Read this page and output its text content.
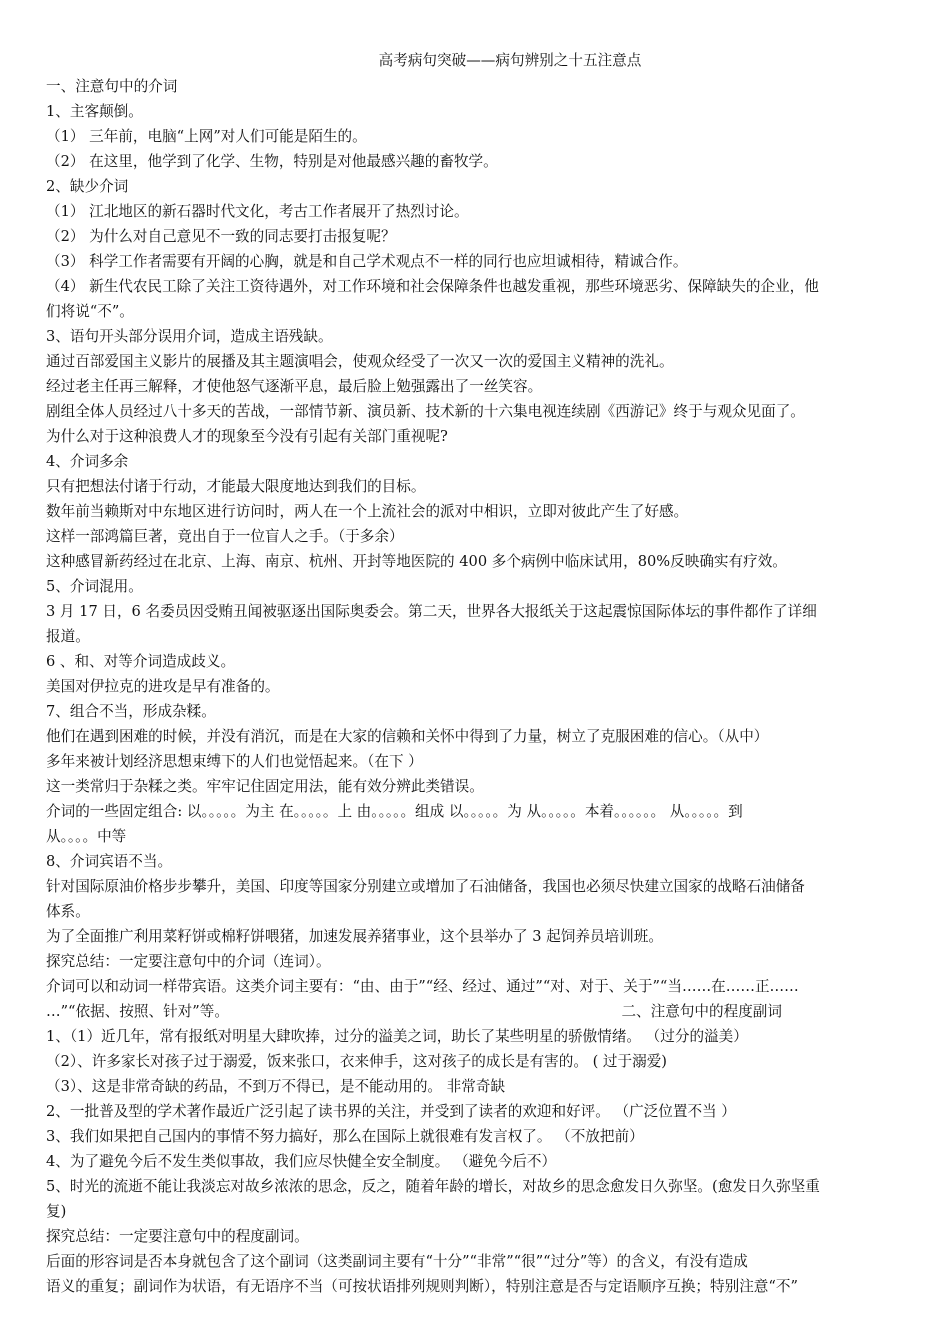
高考病句突破——病句辨别之十五注意点
一、注意句中的介词
1、主客颠倒。
（1） 三年前，电脑“上网”对人们可能是陌生的。
（2） 在这里，他学到了化学、生物，特别是对他最感兴趣的畜牧学。
2、缺少介词
（1） 江北地区的新石器时代文化，考古工作者展开了热烈讨论。
（2） 为什么对自己意见不一致的同志要打击报复呢？
（3） 科学工作者需要有开阔的心胸，就是和自己学术观点不一样的同行也应坦诚相待，精诚合作。
（4） 新生代农民工除了关注工资待遇外，对工作环境和社会保障条件也越发重视，那些环境恶劣、保障缺失的企业，他
们将说“不”。
3、语句开头部分误用介词，造成主语残缺。
通过百部爱国主义影片的展播及其主题演唱会，使观众经受了一次又一次的爱国主义精神的洗礼。
经过老主任再三解释，才使他怒气逐渐平息，最后脸上勉强露出了一丝笑容。
剧组全体人员经过八十多天的苦战，一部情节新、演员新、技术新的十六集电视连续剧《西游记》终于与观众见面了。
为什么对于这种浪费人才的现象至今没有引起有关部门重视呢?
4、介词多余
只有把想法付诸于行动，才能最大限度地达到我们的目标。
数年前当赖斯对中东地区进行访问时，两人在一个上流社会的派对中相识，立即对彼此产生了好感。
这样一部鸿篇巨著，竟出自于一位盲人之手。（于多余）
这种感冒新药经过在北京、上海、南京、杭州、开封等地医院的 400 多个病例中临床试用，80%反映确实有疗效。
5、介词混用。
3 月 17 日，6 名委员因受贿丑闻被驱逐出国际奥委会。第二天，世界各大报纸关于这起震惊国际体坛的事件都作了详细
报道。
6 、和、对等介词造成歧义。
美国对伊拉克的进攻是早有准备的。
7、组合不当，形成杂糅。
他们在遇到困难的时候，并没有消沉，而是在大家的信赖和关怀中得到了力量，树立了克服困难的信心。（从中）
多年来被计划经济思想束缚下的人们也觉悟起来。（在下 ）
这一类常归于杂糅之类。牢牢记住固定用法，能有效分辨此类错误。
介词的一些固定组合: 以。。。。。为主 在。。。。。上 由。。。。。组成 以。。。。。为 从。。。。。本着。。。。。。 从。。。。。到
从。。。。中等
8、介词宾语不当。
针对国际原油价格步步攀升，美国、印度等国家分别建立或增加了石油储备，我国也必须尽快建立国家的战略石油储备
体系。
为了全面推广利用菜籽饼或棉籽饼喂猪，加速发展养猪事业，这个县举办了 3 起饲养员培训班。
探究总结：一定要注意句中的介词（连词）。
介词可以和动词一样带宾语。这类介词主要有：“由、由于”“经、经过、通过”“对、对于、关于”“当……在……正……
…”“依据、按照、针对”等。	二、注意句中的程度副词
1、（1）近几年，常有报纸对明星大肆吹捧，过分的溢美之词，助长了某些明星的骄傲情绪。 （过分的溢美）
（2）、许多家长对孩子过于溺爱，饭来张口，衣来伸手，这对孩子的成长是有害的。 ( 过于溺爱)
（3）、这是非常奇缺的药品，不到万不得已，是不能动用的。 非常奇缺
2、一批普及型的学术著作最近广泛引起了读书界的关注，并受到了读者的欢迎和好评。 （广泛位置不当 ）
3、我们如果把自己国内的事情不努力搞好，那么在国际上就很难有发言权了。 （不放把前）
4、为了避免今后不发生类似事故，我们应尽快健全安全制度。 （避免今后不）
5、时光的流逝不能让我淡忘对故乡浓浓的思念，反之，随着年龄的增长，对故乡的思念愈发日久弥坚。(愈发日久弥坚重
复)
探究总结：一定要注意句中的程度副词。
后面的形容词是否本身就包含了这个副词（这类副词主要有“十分”“非常”“很”“过分”等）的含义，有没有造成
语义的重复；副词作为状语，有无语序不当（可按状语排列规则判断），特别注意是否与定语顺序互换；特别注意“不”
